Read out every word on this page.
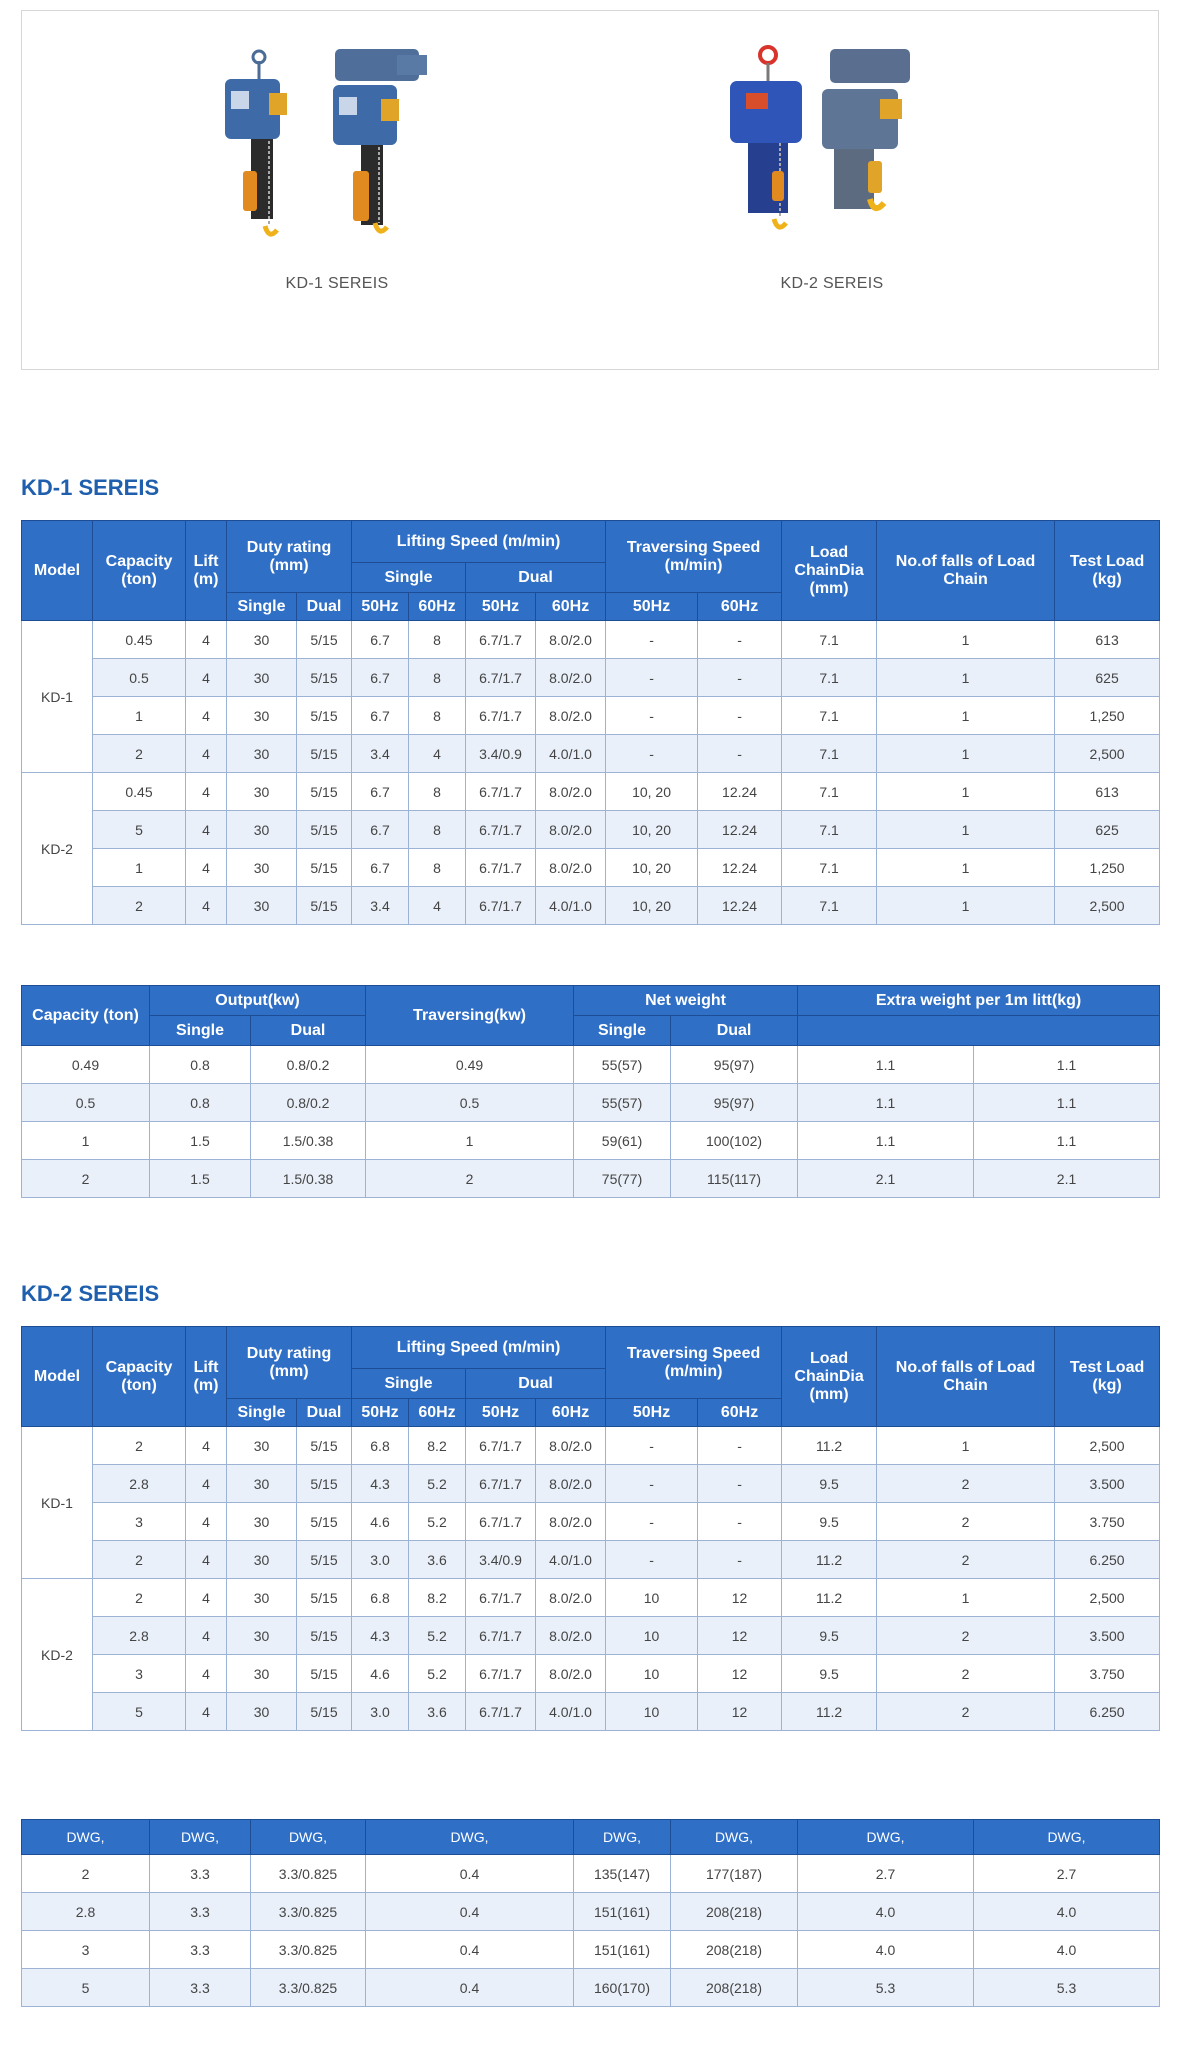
KD-1 SEREIS	KD-2 SEREIS
KD-1 SEREIS
Model	Capacity (ton)	Lift (m)	Duty rating (mm)		Lifting Speed (m/min)				Traversing Speed (m/min)		Load ChainDia (mm)	No.of falls of Load Chain	Test Load (kg)
					Single		Dual						
			Single	Dual	50Hz	60Hz	50Hz	60Hz	50Hz	60Hz			
KD-1	0.45	4	30	5/15	6.7	8	6.7/1.7	8.0/2.0	-	-	7.1	1	613
	0.5	4	30	5/15	6.7	8	6.7/1.7	8.0/2.0	-	-	7.1	1	625
	1	4	30	5/15	6.7	8	6.7/1.7	8.0/2.0	-	-	7.1	1	1,250
	2	4	30	5/15	3.4	4	3.4/0.9	4.0/1.0	-	-	7.1	1	2,500
KD-2	0.45	4	30	5/15	6.7	8	6.7/1.7	8.0/2.0	10, 20	12.24	7.1	1	613
	5	4	30	5/15	6.7	8	6.7/1.7	8.0/2.0	10, 20	12.24	7.1	1	625
	1	4	30	5/15	6.7	8	6.7/1.7	8.0/2.0	10, 20	12.24	7.1	1	1,250
	2	4	30	5/15	3.4	4	6.7/1.7	4.0/1.0	10, 20	12.24	7.1	1	2,500
Capacity (ton)	Output(kw)		Traversing(kw)	Net weight		Extra weight per 1m litt(kg)	
	Single	Dual		Single	Dual		
0.49	0.8	0.8/0.2	0.49	55(57)	95(97)	1.1	1.1
0.5	0.8	0.8/0.2	0.5	55(57)	95(97)	1.1	1.1
1	1.5	1.5/0.38	1	59(61)	100(102)	1.1	1.1
2	1.5	1.5/0.38	2	75(77)	115(117)	2.1	2.1
KD-2 SEREIS
Model	Capacity (ton)	Lift (m)	Duty rating (mm)		Lifting Speed (m/min)				Traversing Speed (m/min)		Load ChainDia (mm)	No.of falls of Load Chain	Test Load (kg)
					Single		Dual						
			Single	Dual	50Hz	60Hz	50Hz	60Hz	50Hz	60Hz			
KD-1	2	4	30	5/15	6.8	8.2	6.7/1.7	8.0/2.0	-	-	11.2	1	2,500
	2.8	4	30	5/15	4.3	5.2	6.7/1.7	8.0/2.0	-	-	9.5	2	3.500
	3	4	30	5/15	4.6	5.2	6.7/1.7	8.0/2.0	-	-	9.5	2	3.750
	2	4	30	5/15	3.0	3.6	3.4/0.9	4.0/1.0	-	-	11.2	2	6.250
KD-2	2	4	30	5/15	6.8	8.2	6.7/1.7	8.0/2.0	10	12	11.2	1	2,500
	2.8	4	30	5/15	4.3	5.2	6.7/1.7	8.0/2.0	10	12	9.5	2	3.500
	3	4	30	5/15	4.6	5.2	6.7/1.7	8.0/2.0	10	12	9.5	2	3.750
	5	4	30	5/15	3.0	3.6	6.7/1.7	4.0/1.0	10	12	11.2	2	6.250
DWG,	DWG,	DWG,	DWG,	DWG,	DWG,	DWG,	DWG,
2	3.3	3.3/0.825	0.4	135(147)	177(187)	2.7	2.7
2.8	3.3	3.3/0.825	0.4	151(161)	208(218)	4.0	4.0
3	3.3	3.3/0.825	0.4	151(161)	208(218)	4.0	4.0
5	3.3	3.3/0.825	0.4	160(170)	208(218)	5.3	5.3
